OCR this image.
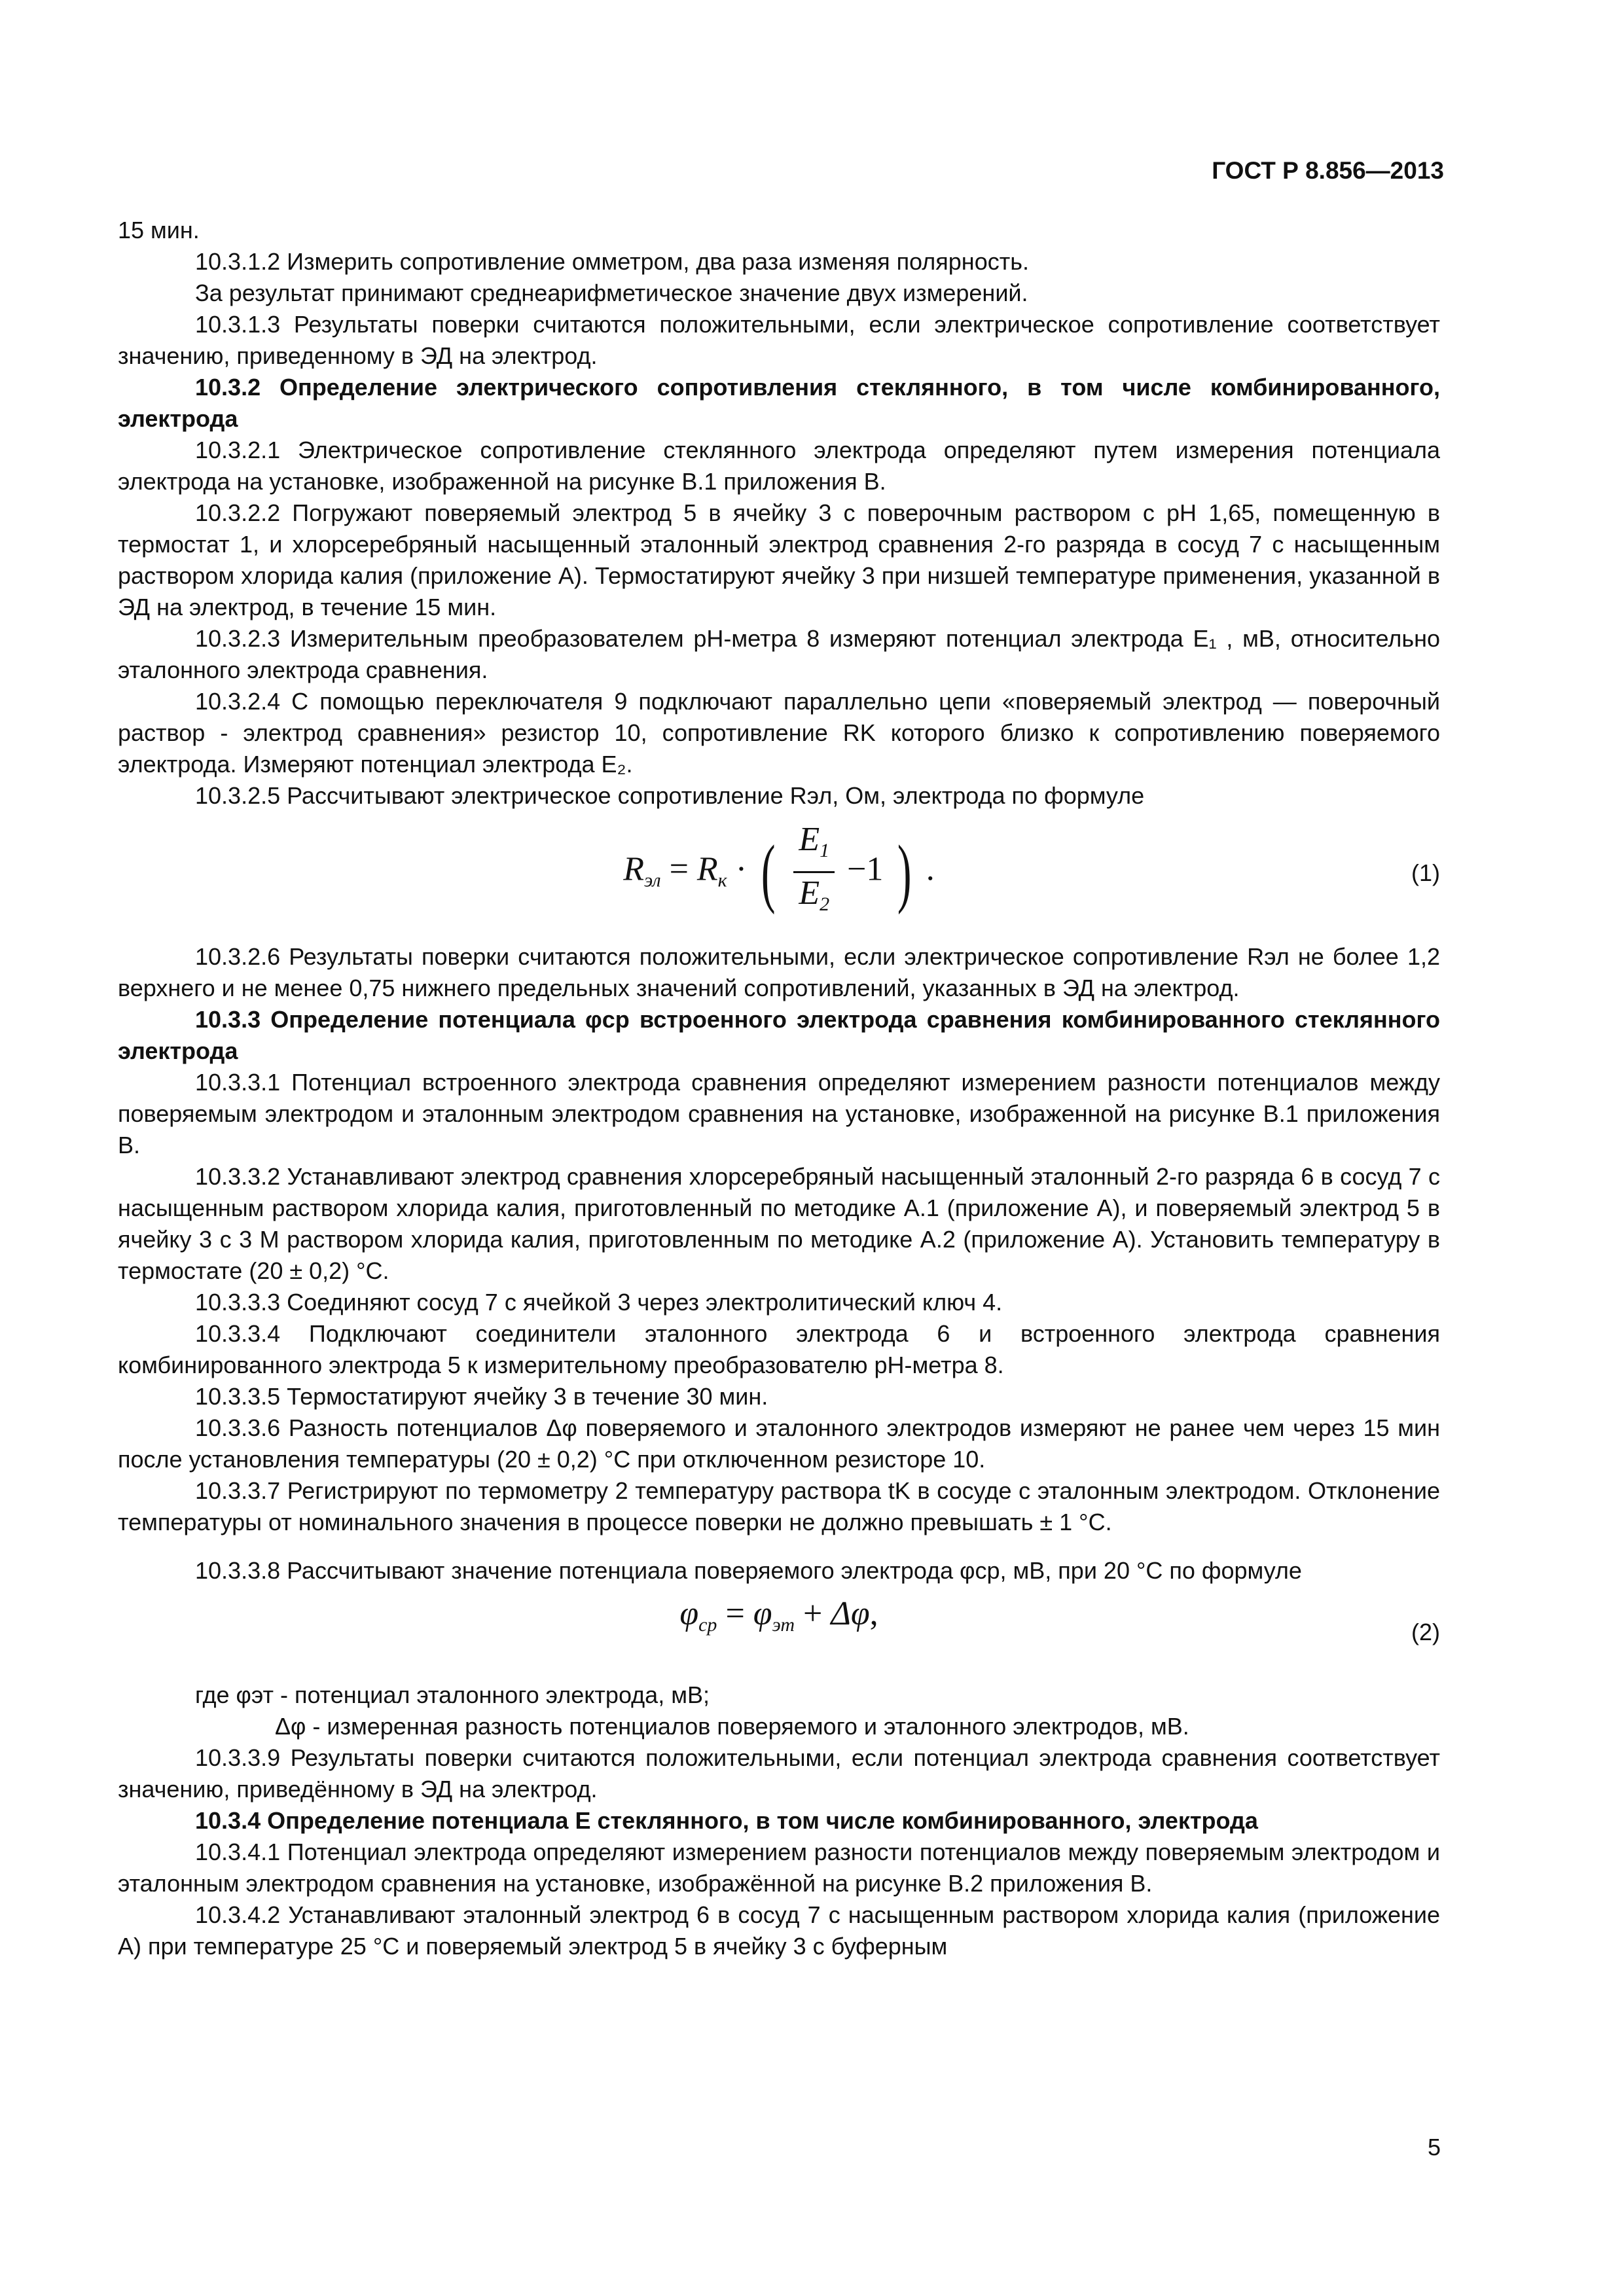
ГОСТ Р 8.856—2013

15 мин.

10.3.1.2 Измерить сопротивление омметром, два раза изменяя полярность.

За результат принимают среднеарифметическое значение двух измерений.

10.3.1.3 Результаты поверки считаются положительными, если электрическое сопротивление соответствует значению, приведенному в ЭД на электрод.

10.3.2 Определение электрического сопротивления стеклянного, в том числе комбинированного, электрода

10.3.2.1 Электрическое сопротивление стеклянного электрода определяют путем измерения потенциала электрода на установке, изображенной на рисунке В.1 приложения В.

10.3.2.2 Погружают поверяемый электрод 5 в ячейку 3 с поверочным раствором с рН 1,65, помещенную в термостат 1, и хлорсеребряный насыщенный эталонный электрод сравнения 2-го разряда в сосуд 7 с насыщенным раствором хлорида калия (приложение А). Термостатируют ячейку 3 при низшей температуре применения, указанной в ЭД на электрод, в течение 15 мин.

10.3.2.3 Измерительным преобразователем рН-метра 8 измеряют потенциал электрода E₁ , мВ, относительно эталонного электрода сравнения.

10.3.2.4 С помощью переключателя 9 подключают параллельно цепи «поверяемый электрод — поверочный раствор - электрод сравнения» резистор 10, сопротивление RK которого близко к сопротивлению поверяемого электрода. Измеряют потенциал электрода E₂.

10.3.2.5 Рассчитывают электрическое сопротивление Rэл, Ом, электрода по формуле

$R_{эл} = R_к$ · ( $\frac{E_1}{E_2} -1$ ) .	(1)

10.3.2.6 Результаты поверки считаются положительными, если электрическое сопротивление Rэл не более 1,2 верхнего и не менее 0,75 нижнего предельных значений сопротивлений, указанных в ЭД на электрод.

10.3.3 Определение потенциала φср встроенного электрода сравнения комбинированного стеклянного электрода

10.3.3.1 Потенциал встроенного электрода сравнения определяют измерением разности потенциалов между поверяемым электродом и эталонным электродом сравнения на установке, изображенной на рисунке В.1 приложения В.

10.3.3.2 Устанавливают электрод сравнения хлорсеребряный насыщенный эталонный 2-го разряда 6 в сосуд 7 с насыщенным раствором хлорида калия, приготовленный по методике А.1 (приложение А), и поверяемый электрод 5 в ячейку 3 с 3 М раствором хлорида калия, приготовленным по методике А.2 (приложение А). Установить температуру в термостате (20 ± 0,2) °С.

10.3.3.3 Соединяют сосуд 7 с ячейкой 3 через электролитический ключ 4.

10.3.3.4 Подключают соединители эталонного электрода 6 и встроенного электрода сравнения комбинированного электрода 5 к измерительному преобразователю рН-метра 8.

10.3.3.5 Термостатируют ячейку 3 в течение 30 мин.

10.3.3.6 Разность потенциалов Δφ поверяемого и эталонного электродов измеряют не ранее чем через 15 мин после установления температуры (20 ± 0,2) °С при отключенном резисторе 10.

10.3.3.7 Регистрируют по термометру 2 температуру раствора tK в сосуде с эталонным электродом. Отклонение температуры от номинального значения в процессе поверки не должно превышать ± 1 °С.

10.3.3.8 Рассчитывают значение потенциала поверяемого электрода φср, мВ, при 20 °С по формуле

$\varphi_{ср} = \varphi_{эт} + \Delta\varphi$,	(2)

где φэт - потенциал эталонного электрода, мВ;

Δφ - измеренная разность потенциалов поверяемого и эталонного электродов, мВ.

10.3.3.9 Результаты поверки считаются положительными, если потенциал электрода сравнения соответствует значению, приведённому в ЭД на электрод.

10.3.4 Определение потенциала E стеклянного, в том числе комбинированного, электрода

10.3.4.1 Потенциал электрода определяют измерением разности потенциалов между поверяемым электродом и эталонным электродом сравнения на установке, изображённой на рисунке В.2 приложения В.

10.3.4.2 Устанавливают эталонный электрод 6 в сосуд 7 с насыщенным раствором хлорида калия (приложение А) при температуре 25 °С и поверяемый электрод 5 в ячейку 3 с буферным

5
